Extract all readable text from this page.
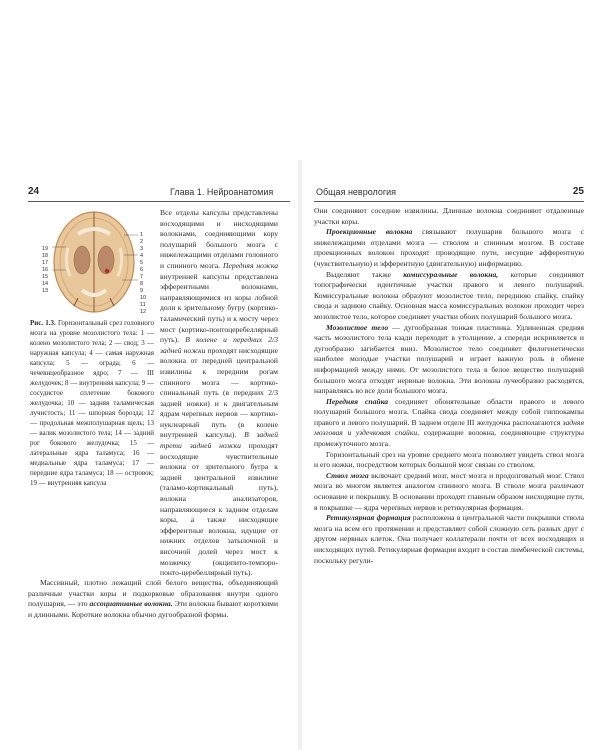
24	Глава 1. Нейроанатомия
1
2
3
4
5
6
7
8
9
10
11
12
13
14
15
16
17
18
19

Рис. 1.3. Горизонтальный срез головного мозга на уровне мозолистого тела: 1 — колено мозолистого тела; 2 — свод; 3 — наружная капсула; 4 — самая наружная капсула; 5 — ограда; 6 — чечевицеобразное ядро; 7 — III желудочек; 8 — внутренняя капсула; 9 — сосудистое сплетение бокового желудочка; 10 — задняя таламическая лучистость; 11 — шпорная борозда; 12 — продольная межполушарная щель; 13 — валик мозолистого тела; 14 — задний рог бокового желудочка; 15 — латеральные ядра таламуса; 16 — медиальные ядра таламуса; 17 — передние ядра таламуса; 18 — островок; 19 — внутренняя капсула

Все отделы капсулы представлены восходящими и нисходящими волокнами, соединяющими кору полушарий большого мозга с нижележащими отделами головного и спинного мозга. Передняя ножка внутренней капсулы представлена эфферентными волокнами, направляющимися из коры лобной доли к зрительному бугру (кортико-таламический путь) и к мосту через мост (кортико-понтоцеребеллярный путь). В колене и передних 2/3 задней ножки проходят нисходящие волокна от передней центральной извилины к передним рогам спинного мозга — кортико-спинальный путь (в передних 2/3 задней ножки) и к двигательным ядрам черепных нервов — кортико-нуклеарный путь (в колене внутренней капсулы). В задней трети задней ножки проходят восходящие чувствительные волокна от зрительного бугра к задней центральной извилине (таламо-кортикальный путь), волокна анализаторов, направляющиеся к задним отделам коры, а также нисходящие эфферентные волокна, идущие от нижних отделов затылочной и височной долей через мост к мозжечку (окципито-темпоро-понто-церебеллярный путь).
Массивный, плотно лежащий слой белого вещества, объединяющий различные участки коры и подкорковые образования внутри одного полушария, — это ассоциативные волокна. Эти волокна бывают короткими и длинными. Короткие волокна обычно дугообразной формы.
Общая неврология	25

Они соединяют соседние извилины. Длинные волокна соединяют отдаленные участки коры.

Проекционные волокна связывают полушария большого мозга с нижележащими отделами мозга — стволом и спинным мозгом. В составе проекционных волокон проходят проводящие пути, несущие афферентную (чувствительную) и эфферентную (двигательную) информацию.

Выделяют также комиссуральные волокна, которые соединяют топографически идентичные участки правого и левого полушарий. Комиссуральные волокна образуют мозолистое тело, переднюю спайку, спайку свода и заднюю спайку. Основная масса комиссуральных волокон проходит через мозолистое тело, которое соединяет участки обоих полушарий большого мозга.

Мозолистое тело — дугообразная тонкая пластинка. Удлиненная средняя часть мозолистого тела кзади переходит в утолщение, а спереди искривляется и дугообразно загибается вниз. Мозолистое тело соединяет филогенетически наиболее молодые участки полушарий и играет важную роль в обмене информацией между ними. От мозолистого тела в белое вещество полушарий большого мозга отходят нервные волокна. Эти волокна лучеобразно расходятся, направляясь во все доли большого мозга.

Передняя спайка соединяет обонятельные области правого и левого полушарий большого мозга. Спайка свода соединяет между собой гиппокампы правого и левого полушарий. В заднем отделе III желудочка располагаются задняя мозговая и уздечковая спайки, содержащие волокна, соединяющие структуры промежуточного мозга.

Горизонтальный срез на уровне среднего мозга позволяет увидеть ствол мозга и его ножки, посредством которых большой мозг связан со стволом.

Ствол мозга включает средний мозг, мост мозга и продолговатый мозг. Ствол мозга во многом является аналогом спинного мозга. В стволе мозга различают основание и покрышку. В основании проходят главным образом нисходящие пути, в покрышке — ядра черепных нервов и ретикулярная формация.

Ретикулярная формация расположена в центральной части покрышки ствола мозга на всем его протяжении и представляет собой сложную сеть разных друг с другом нервных клеток. Она получает коллатерали почти от всех восходящих и нисходящих путей. Ретикулярная формация входит в состав лимбической системы, поскольку регули-
